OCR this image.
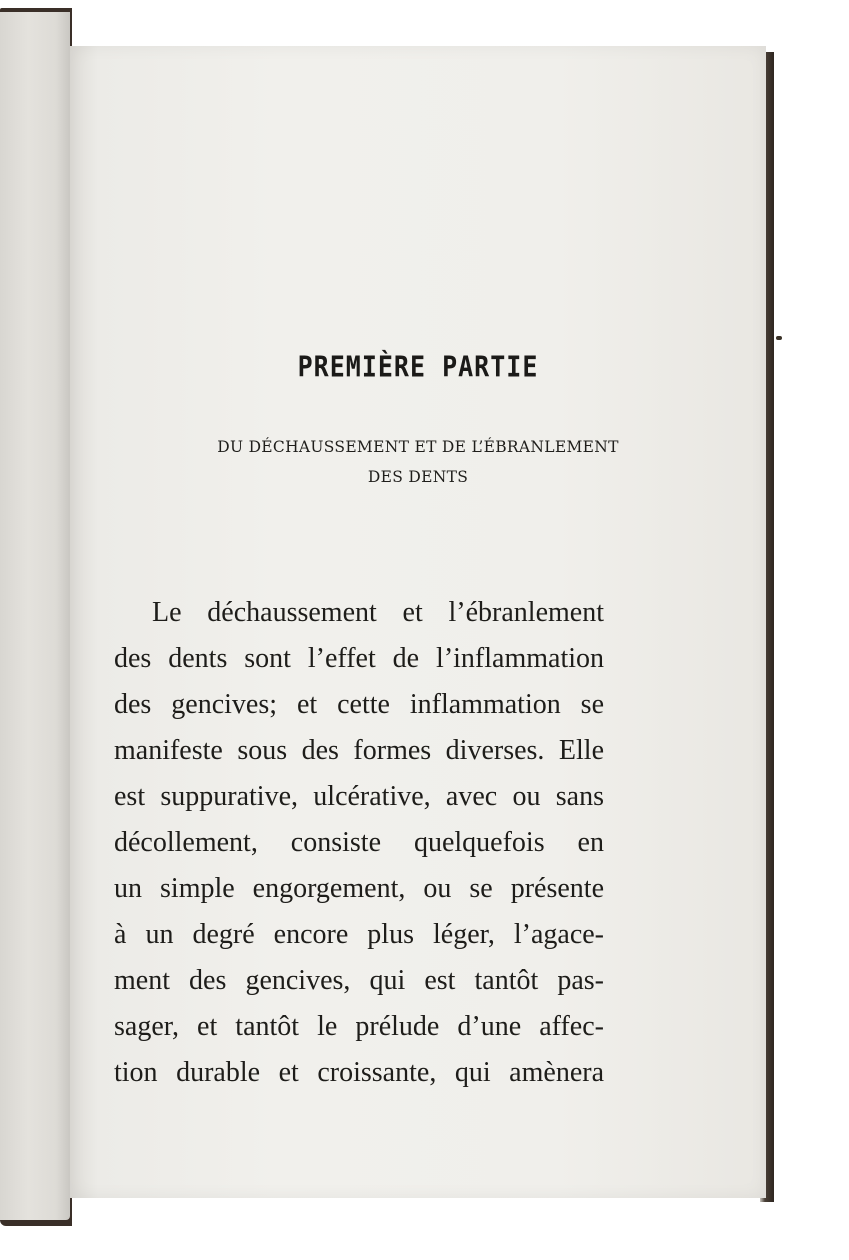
PREMIÈRE PARTIE
DU DÉCHAUSSEMENT ET DE L’ÉBRANLEMENT
DES DENTS
Le déchaussement et l’ébranlement
des dents sont l’effet de l’inflammation
des gencives; et cette inflammation se
manifeste sous des formes diverses. Elle
est suppurative, ulcérative, avec ou sans
décollement, consiste quelquefois en
un simple engorgement, ou se présente
à un degré encore plus léger, l’agace-
ment des gencives, qui est tantôt pas-
sager, et tantôt le prélude d’une affec-
tion durable et croissante, qui amènera
